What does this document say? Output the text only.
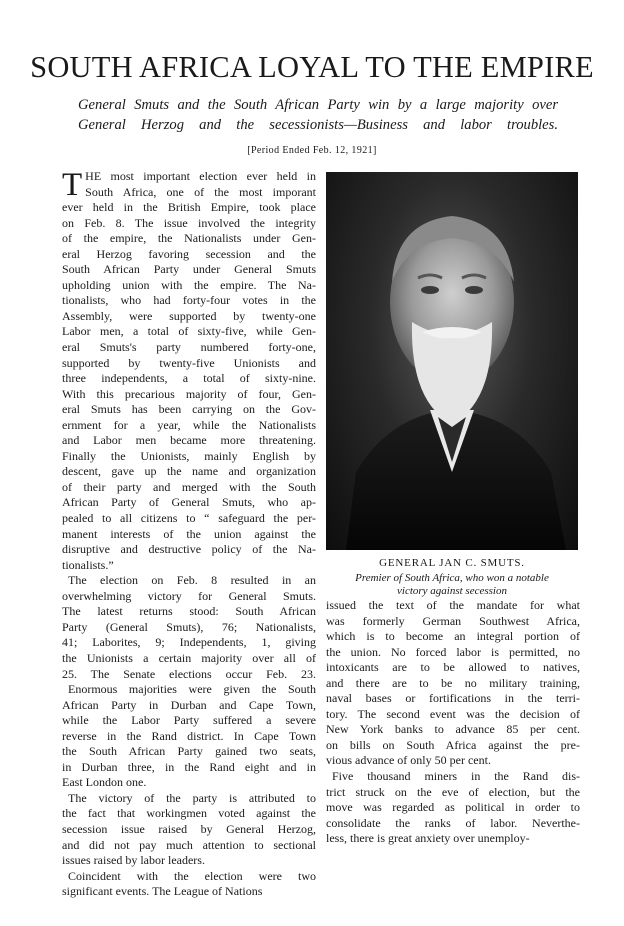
SOUTH AFRICA LOYAL TO THE EMPIRE

General Smuts and the South African Party win by a large majority over
General Herzog and the secessionists—Business and labor troubles.

[Period Ended Feb. 12, 1921]

T HE most important election ever held in
South Africa, one of the most imporant
ever held in the British Empire, took place
on Feb. 8. The issue involved the integrity
of the empire, the Nationalists under Gen-
eral Herzog favoring secession and the
South African Party under General Smuts
upholding union with the empire. The Na-
tionalists, who had forty-four votes in the
Assembly, were supported by twenty-one
Labor men, a total of sixty-five, while Gen-
eral Smuts's party numbered forty-one,
supported by twenty-five Unionists and
three independents, a total of sixty-nine.
With this precarious majority of four, Gen-
eral Smuts has been carrying on the Gov-
ernment for a year, while the Nationalists
and Labor men became more threatening.
Finally the Unionists, mainly English by
descent, gave up the name and organization
of their party and merged with the South
African Party of General Smuts, who ap-
pealed to all citizens to “ safeguard the per-
manent interests of the union against the
disruptive and destructive policy of the Na-
tionalists.”
The election on Feb. 8 resulted in an
overwhelming victory for General Smuts.
The latest returns stood: South African
Party (General Smuts), 76; Nationalists,
41; Laborites, 9; Independents, 1, giving
the Unionists a certain majority over all of
25. The Senate elections occur Feb. 23.
Enormous majorities were given the South
African Party in Durban and Cape Town,
while the Labor Party suffered a severe
reverse in the Rand district. In Cape Town
the South African Party gained two seats,
in Durban three, in the Rand eight and in
East London one.
The victory of the party is attributed to
the fact that workingmen voted against the
secession issue raised by General Herzog,
and did not pay much attention to sectional
issues raised by labor leaders.
Coincident with the election were two
significant events. The League of Nations

GENERAL JAN C. SMUTS.

Premier of South Africa, who won a notable
victory against secession

issued the text of the mandate for what
was formerly German Southwest Africa,
which is to become an integral portion of
the union. No forced labor is permitted, no
intoxicants are to be allowed to natives,
and there are to be no military training,
naval bases or fortifications in the terri-
tory. The second event was the decision of
New York banks to advance 85 per cent.
on bills on South Africa against the pre-
vious advance of only 50 per cent.
Five thousand miners in the Rand dis-
trict struck on the eve of election, but the
move was regarded as political in order to
consolidate the ranks of labor. Neverthe-
less, there is great anxiety over unemploy-
